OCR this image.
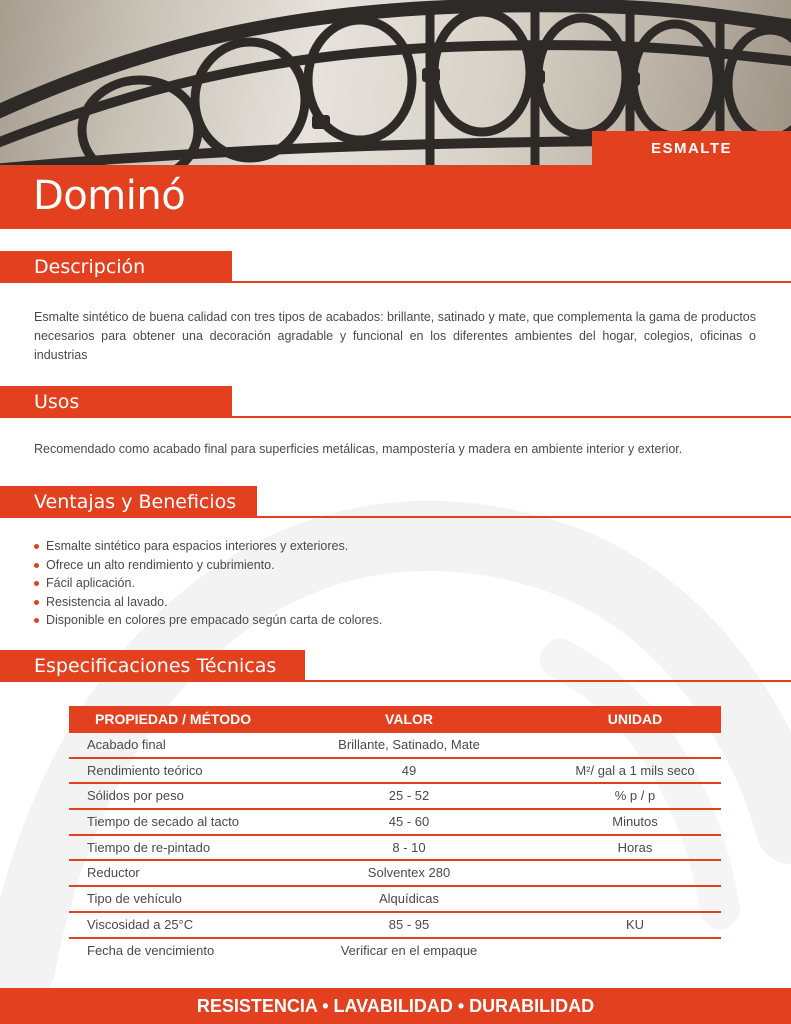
ESMALTE
Dominó
Descripción

Esmalte sintético de buena calidad con tres tipos de acabados: brillante, satinado y mate, que complementa la gama de productos necesarios para obtener una decoración agradable y funcional en los diferentes ambientes del hogar, colegios, oficinas o industrias

Usos

Recomendado como acabado final para superficies metálicas, mampostería y madera en ambiente interior y exterior.

Ventajas y Beneficios
Esmalte sintético para espacios interiores y exteriores.
Ofrece un alto rendimiento y cubrimiento.
Fácil aplicación.
Resistencia al lavado.
Disponible en colores pre empacado según carta de colores.
Especificaciones Técnicas
PROPIEDAD / MÉTODO	VALOR	UNIDAD
Acabado final	Brillante, Satinado, Mate
Rendimiento teórico	49	M²/ gal a 1 mils seco
Sólidos por peso	25 - 52	% p / p
Tiempo de secado al tacto	45 - 60	Minutos
Tiempo de re-pintado	8 - 10	Horas
Reductor	Solventex 280
Tipo de vehículo	Alquídicas
Viscosidad a 25°C	85 - 95	KU
Fecha de vencimiento	Verificar en el empaque
RESISTENCIA • LAVABILIDAD • DURABILIDAD
